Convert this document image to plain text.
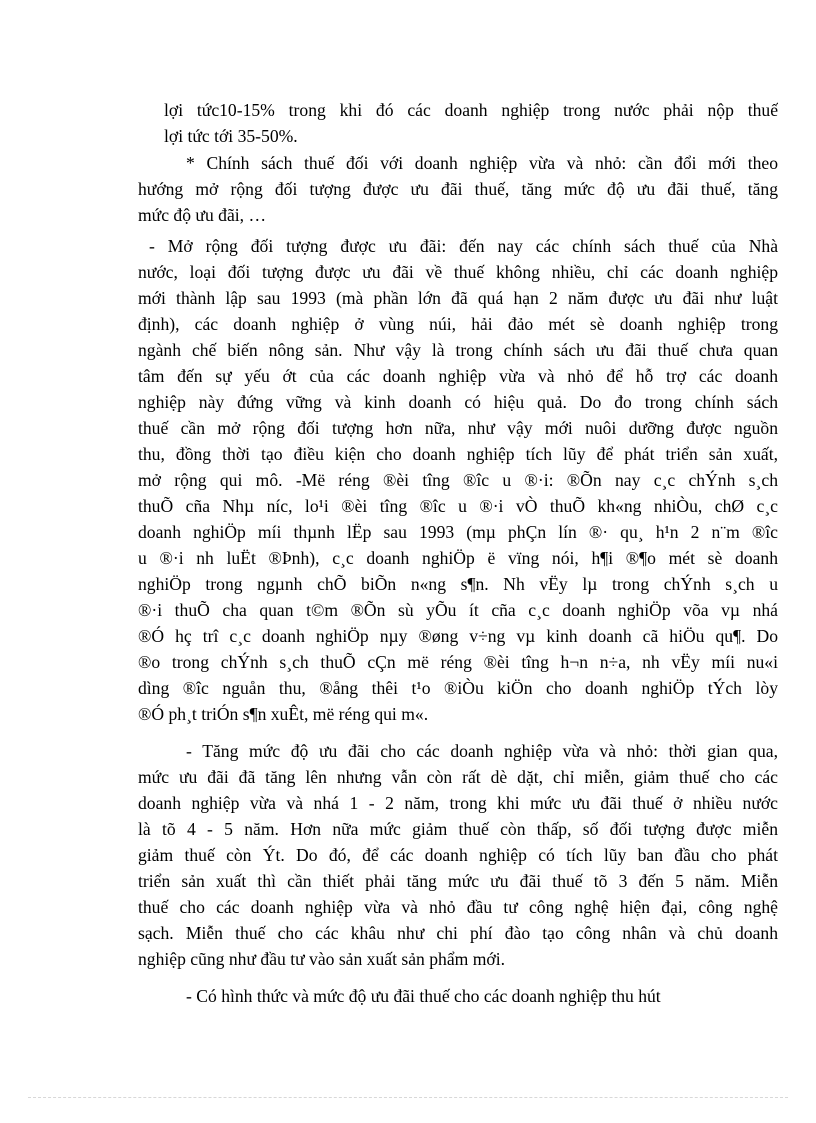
lợi tức10-15% trong khi đó các doanh nghiệp trong nước phải nộp thuế
lợi tức tới 35-50%.
* Chính sách thuế đối với doanh nghiệp vừa và nhỏ: cần đổi mới theo
hướng mở rộng đối tượng được ưu đãi thuế, tăng mức độ ưu đãi thuế, tăng
mức độ ưu đãi, …
- Mở rộng đối tượng được ưu đãi: đến nay các chính sách thuế của Nhà
nước, loại đối tượng được ưu đãi về thuế không nhiều, chỉ các doanh nghiệp
mới thành lập sau 1993 (mà phần lớn đã quá hạn 2 năm được ưu đãi như luật
định), các doanh nghiệp ở vùng núi, hải đảo mét sè doanh nghiệp trong
ngành chế biến nông sản. Như vậy là trong chính sách ưu đãi thuế chưa quan
tâm đến sự yếu ớt của các doanh nghiệp vừa và nhỏ để hỗ trợ các doanh
nghiệp này đứng vững và kinh doanh có hiệu quả. Do đo trong chính sách
thuế cần mở rộng đối tượng hơn nữa, như vậy mới nuôi dưỡng được nguồn
thu, đồng thời tạo điều kiện cho doanh nghiệp tích lũy để phát triển sản xuất,
mở rộng qui mô. -Më réng ®èi tîng ®îc u ®·i: ®Õn nay c¸c chÝnh s¸ch
thuÕ cña Nhµ níc, lo¹i ®èi tîng ®îc u ®·i vÒ thuÕ kh«ng nhiÒu, chØ c¸c
doanh nghiÖp míi thµnh lËp sau 1993 (mµ phÇn lín ®· qu¸ h¹n 2 n¨m ®îc
u ®·i nh luËt ®Þnh), c¸c doanh nghiÖp ë vïng nói, h¶i ®¶o mét sè doanh
nghiÖp trong ngµnh chÕ biÕn n«ng s¶n. Nh vËy lµ trong chÝnh s¸ch u
®·i thuÕ cha quan t©m ®Õn sù yÕu ít cña c¸c doanh nghiÖp võa vµ nhá
®Ó hç trî c¸c doanh nghiÖp nµy ®øng v÷ng vµ kinh doanh cã hiÖu qu¶. Do
®o trong chÝnh s¸ch thuÕ cÇn më réng ®èi tîng h¬n n÷a, nh vËy míi nu«i
dìng ®îc nguån thu, ®ång thêi t¹o ®iÒu kiÖn cho doanh nghiÖp tÝch lòy
®Ó ph¸t triÓn s¶n xuÊt, më réng qui m«.
- Tăng mức độ ưu đãi cho các doanh nghiệp vừa và nhỏ: thời gian qua,
mức ưu đãi đã tăng lên nhưng vẫn còn rất dè dặt, chỉ miễn, giảm thuế cho các
doanh nghiệp vừa và nhá 1 - 2 năm, trong khi mức ưu đãi thuế ở nhiều nước
là tõ 4 - 5 năm. Hơn nữa mức giảm thuế còn thấp, số đối tượng được miễn
giảm thuế còn Ýt. Do đó, để các doanh nghiệp có tích lũy ban đầu cho phát
triển sản xuất thì cần thiết phải tăng mức ưu đãi thuế tõ 3 đến 5 năm. Miễn
thuế cho các doanh nghiệp vừa và nhỏ đầu tư công nghệ hiện đại, công nghệ
sạch. Miễn thuế cho các khâu như chi phí đào tạo công nhân và chủ doanh
nghiệp cũng như đầu tư vào sản xuất sản phẩm mới.
- Có hình thức và mức độ ưu đãi thuế cho các doanh nghiệp thu hút
